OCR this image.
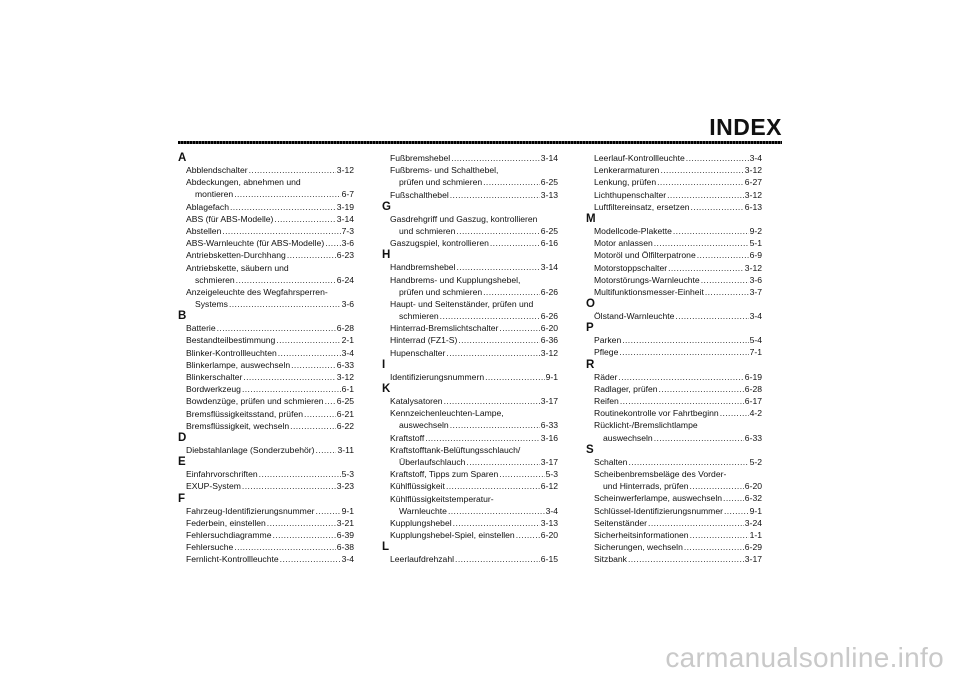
INDEX
A
Abblendschalter .....	3-12
Abdeckungen, abnehmen und
montieren .....	6-7
Ablagefach .....	3-19
ABS (für ABS-Modelle) .....	3-14
Abstellen .....	7-3
ABS-Warnleuchte (für ABS-Modelle) ..... 3-6
Antriebsketten-Durchhang .....	6-23
Antriebskette, säubern und
schmieren .....	6-24
Anzeigeleuchte des Wegfahrsperren-
Systems .....	3-6
B
Batterie .....	6-28
Bestandteilbestimmung .....	2-1
Blinker-Kontrollleuchten .....	3-4
Blinkerlampe, auswechseln .....	6-33
Blinkerschalter .....	3-12
Bordwerkzeug .....	6-1
Bowdenzüge, prüfen und schmieren ..... 6-25
Bremsflüssigkeitsstand, prüfen .....	6-21
Bremsflüssigkeit, wechseln .....	6-22
D
Diebstahlanlage (Sonderzubehör) .....	3-11
E
Einfahrvorschriften .....	5-3
EXUP-System .....	3-23
F
Fahrzeug-Identifizierungsnummer .....	9-1
Federbein, einstellen .....	3-21
Fehlersuchdiagramme .....	6-39
Fehlersuche .....	6-38
Fernlicht-Kontrollleuchte .....	3-4
Fußbremshebel .....	3-14
Fußbrems- und Schalthebel,
prüfen und schmieren .....	6-25
Fußschalthebel .....	3-13
G
Gasdrehgriff und Gaszug, kontrollieren
und schmieren .....	6-25
Gaszugspiel, kontrollieren .....	6-16
H
Handbremshebel .....	3-14
Handbrems- und Kupplungshebel,
prüfen und schmieren .....	6-26
Haupt- und Seitenständer, prüfen und
schmieren .....	6-26
Hinterrad-Bremslichtschalter .....	6-20
Hinterrad (FZ1-S) .....	6-36
Hupenschalter .....	3-12
I
Identifizierungsnummern .....	9-1
K
Katalysatoren .....	3-17
Kennzeichenleuchten-Lampe,
auswechseln .....	6-33
Kraftstoff .....	3-16
Kraftstofftank-Belüftungsschlauch/
Überlaufschlauch .....	3-17
Kraftstoff, Tipps zum Sparen .....	5-3
Kühlflüssigkeit .....	6-12
Kühlflüssigkeitstemperatur-
Warnleuchte .....	3-4
Kupplungshebel .....	3-13
Kupplungshebel-Spiel, einstellen .....	6-20
L
Leerlaufdrehzahl .....	6-15
Leerlauf-Kontrollleuchte .....	3-4
Lenkerarmaturen .....	3-12
Lenkung, prüfen .....	6-27
Lichthupenschalter .....	3-12
Luftfiltereinsatz, ersetzen .....	6-13
M
Modellcode-Plakette .....	9-2
Motor anlassen .....	5-1
Motoröl und Ölfilterpatrone .....	6-9
Motorstoppschalter .....	3-12
Motorstörungs-Warnleuchte .....	3-6
Multifunktionsmesser-Einheit .....	3-7
O
Ölstand-Warnleuchte .....	3-4
P
Parken .....	5-4
Pflege .....	7-1
R
Räder .....	6-19
Radlager, prüfen .....	6-28
Reifen .....	6-17
Routinekontrolle vor Fahrtbeginn .....	4-2
Rücklicht-/Bremslichtlampe
auswechseln .....	6-33
S
Schalten .....	5-2
Scheibenbremsbeläge des Vorder-
und Hinterrads, prüfen .....	6-20
Scheinwerferlampe, auswechseln .....	6-32
Schlüssel-Identifizierungsnummer .....	9-1
Seitenständer .....	3-24
Sicherheitsinformationen .....	1-1
Sicherungen, wechseln .....	6-29
Sitzbank .....	3-17
carmanualsonline.info
